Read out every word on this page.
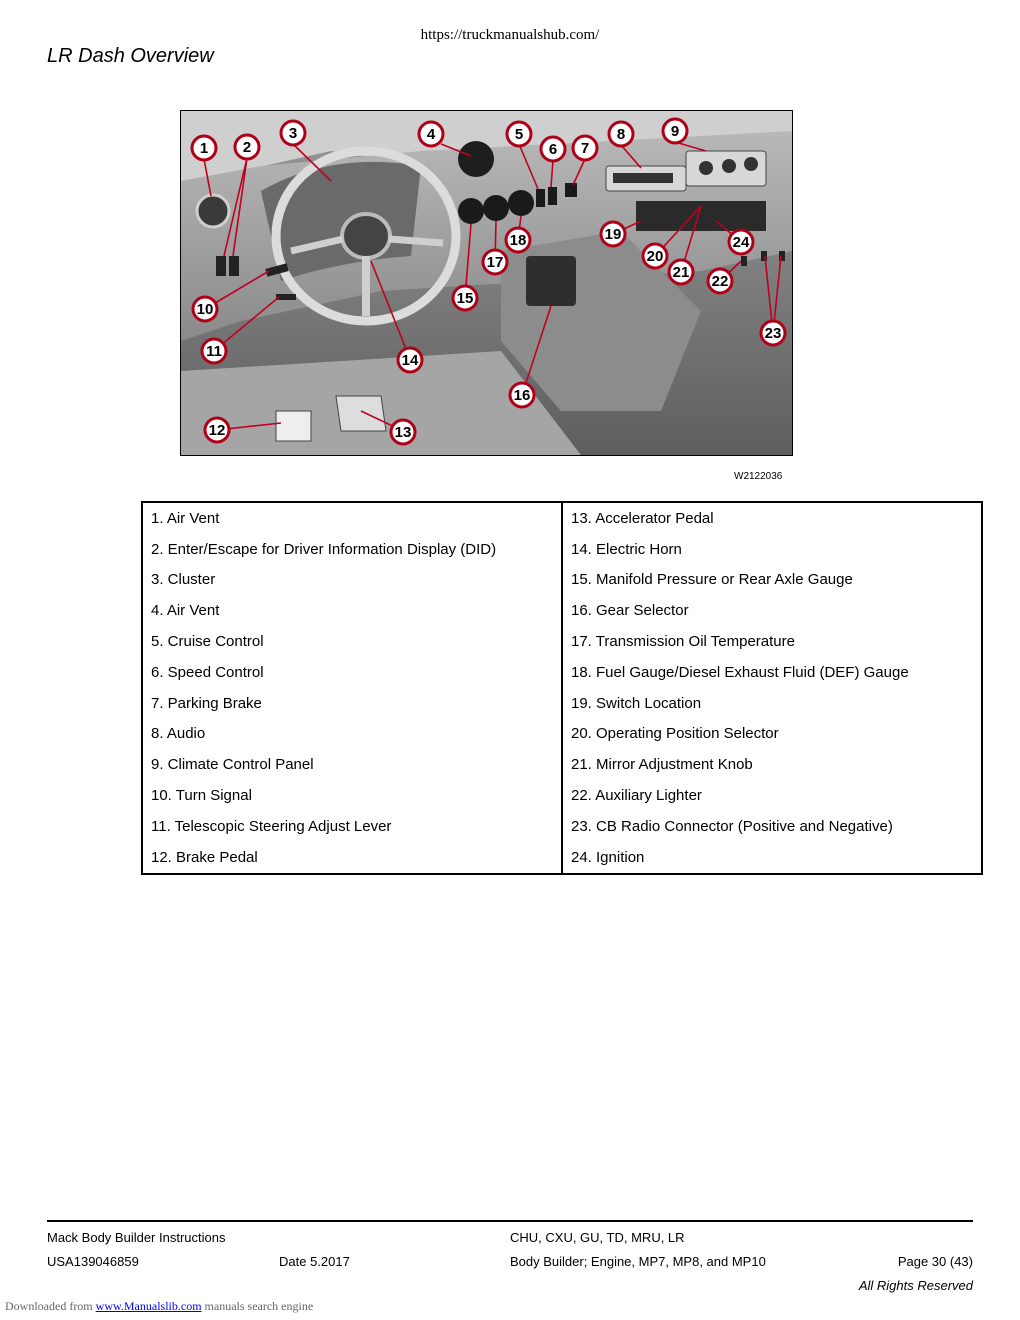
https://truckmanualshub.com/
LR Dash Overview
1 2
3	4	5
6 7
8	9
10
11
12	13
14
15
16
17
18	19
20
21
22
23
24
W2122036
1. Air Vent	13. Accelerator Pedal
2. Enter/Escape for Driver Information Display (DID)	14. Electric Horn
3. Cluster	15. Manifold Pressure or Rear Axle Gauge
4. Air Vent	16. Gear Selector
5. Cruise Control	17. Transmission Oil Temperature
6. Speed Control	18. Fuel Gauge/Diesel Exhaust Fluid (DEF) Gauge
7. Parking Brake	19. Switch Location
8. Audio	20. Operating Position Selector
9. Climate Control Panel	21. Mirror Adjustment Knob
10. Turn Signal	22. Auxiliary Lighter
11. Telescopic Steering Adjust Lever	23. CB Radio Connector (Positive and Negative)
12. Brake Pedal	24. Ignition
Mack Body Builder Instructions	CHU, CXU, GU, TD, MRU, LR
USA139046859	Date 5.2017	Body Builder; Engine, MP7, MP8, and MP10	Page 30 (43)
All Rights Reserved
Downloaded from www.Manualslib.com manuals search engine
